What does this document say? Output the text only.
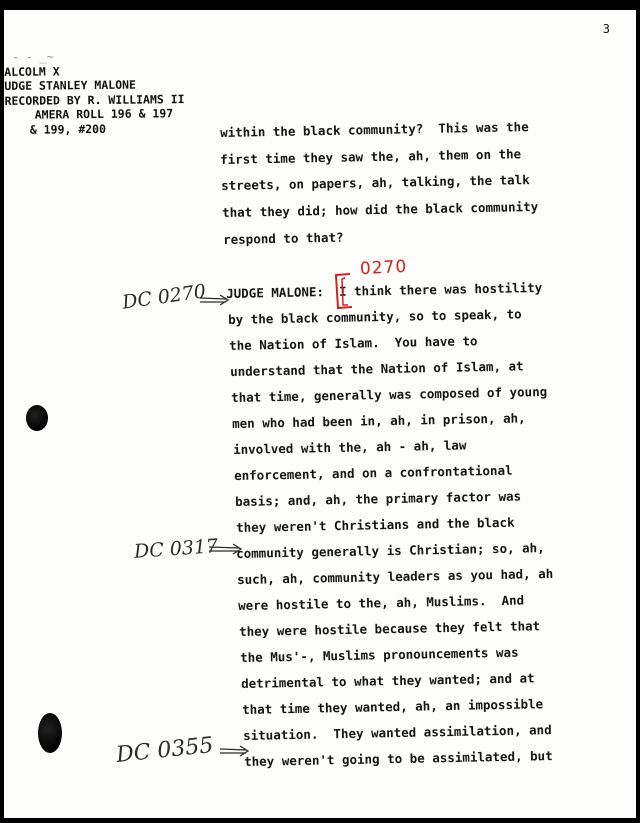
3
- - _~
ALCOLM X
UDGE STANLEY MALONE
RECORDED BY R. WILLIAMS II
AMERA ROLL 196 & 197
& 199, #200	within the black community?  This was the
first time they saw the, ah, them on the
streets, on papers, ah, talking, the talk
that they did; how did the black community
respond to that?
JUDGE MALONE:  I think there was hostility
by the black community, so to speak, to
the Nation of Islam.  You have to
understand that the Nation of Islam, at
that time, generally was composed of young
men who had been in, ah, in prison, ah,
involved with the, ah - ah, law
enforcement, and on a confrontational
basis; and, ah, the primary factor was
they weren't Christians and the black
community generally is Christian; so, ah,
such, ah, community leaders as you had, ah
were hostile to the, ah, Muslims.  And
they were hostile because they felt that
the Mus'-, Muslims pronouncements was
detrimental to what they wanted; and at
that time they wanted, ah, an impossible
situation.  They wanted assimilation, and
they weren't going to be assimilated, but
DC 0270
DC 0317
DC 0355
0270
